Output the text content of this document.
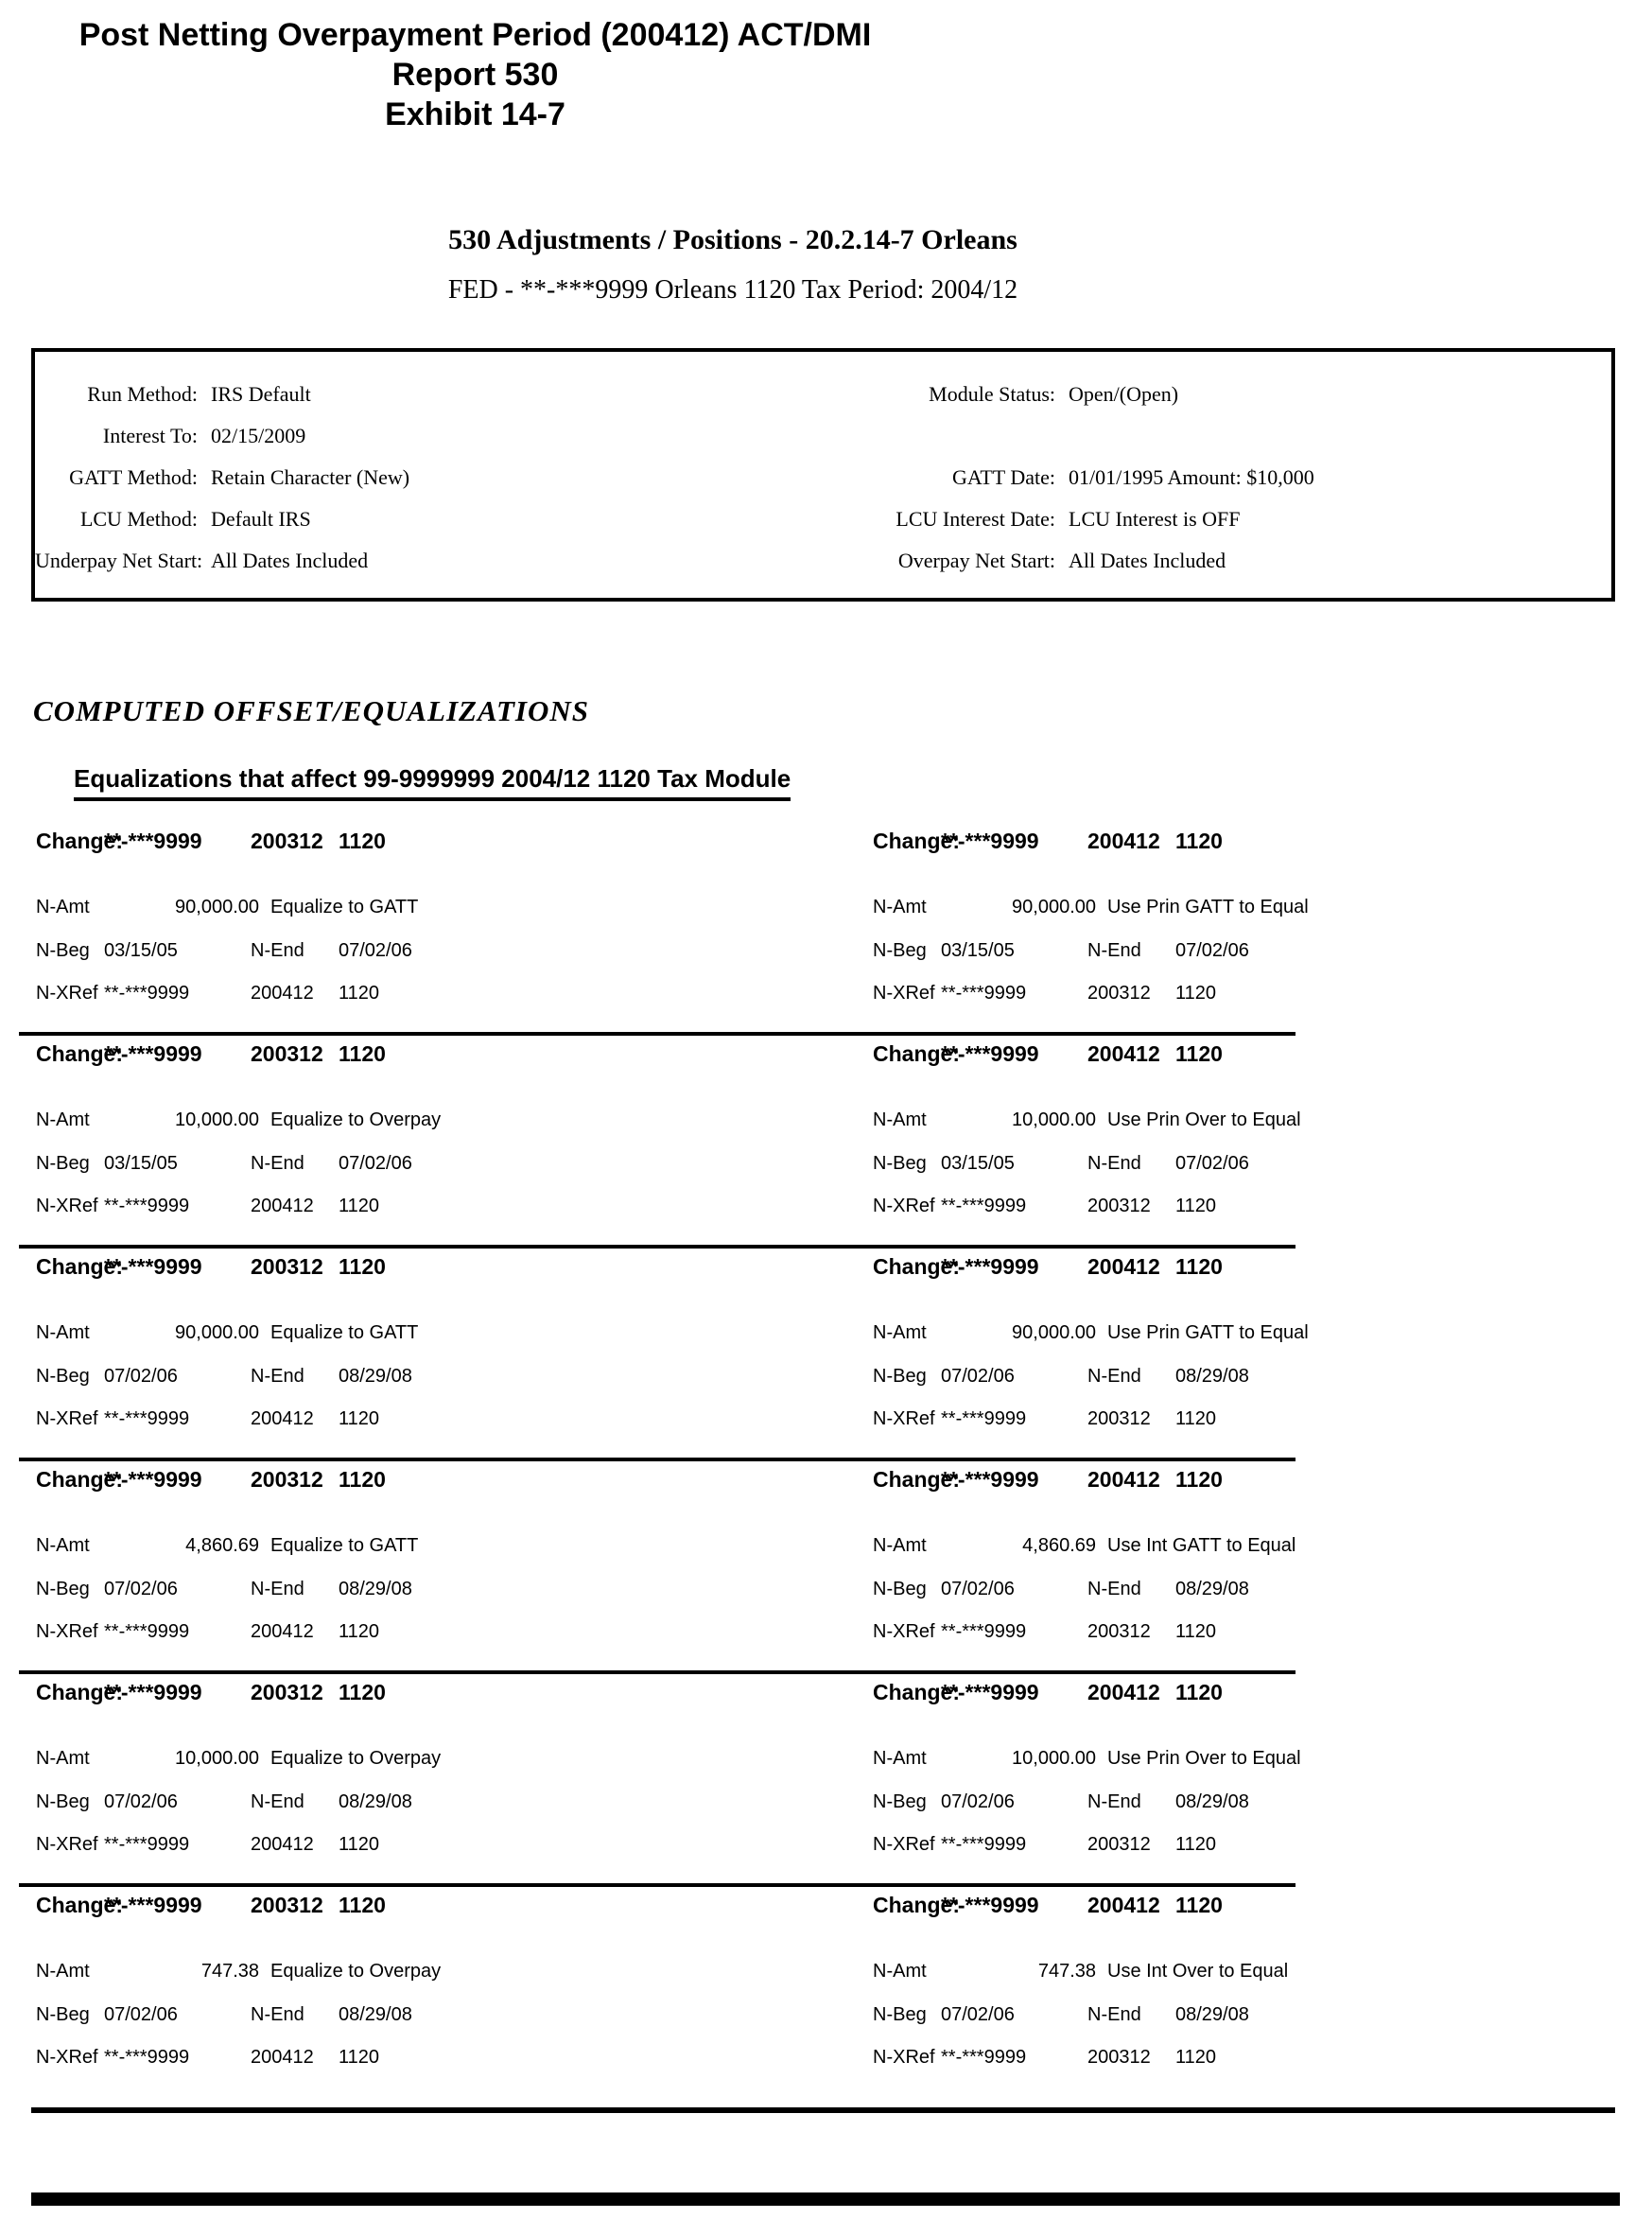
Post Netting Overpayment Period (200412) ACT/DMI Report 530
Exhibit 14-7
530 Adjustments / Positions - 20.2.14-7 Orleans
FED - **-***9999 Orleans 1120 Tax Period: 2004/12
Run Method: IRS Default	Module Status: Open/(Open)
Interest To: 02/15/2009
GATT Method: Retain Character (New)	GATT Date: 01/01/1995 Amount: $10,000
LCU Method: Default IRS	LCU Interest Date: LCU Interest is OFF
Underpay Net Start: All Dates Included	Overpay Net Start: All Dates Included
COMPUTED OFFSET/EQUALIZATIONS
Equalizations that affect 99-9999999 2004/12 1120 Tax Module
Change:
**-***9999 200312 1120
N-Amt	90,000.00 Equalize to GATT
N-Beg 03/15/05	N-End 07/02/06
N-XRef **-***9999	200412 1120
Change:
**-***9999 200412 1120
N-Amt	90,000.00 Use Prin GATT to Equal
N-Beg 03/15/05	N-End 07/02/06
N-XRef **-***9999	200312 1120
Change:
**-***9999 200312 1120
N-Amt	10,000.00 Equalize to Overpay
N-Beg 03/15/05	N-End 07/02/06
N-XRef **-***9999	200412 1120
Change:
**-***9999 200412 1120
N-Amt	10,000.00 Use Prin Over to Equal
N-Beg 03/15/05	N-End 07/02/06
N-XRef **-***9999	200312 1120
Change:
**-***9999 200312 1120
N-Amt	90,000.00 Equalize to GATT
N-Beg 07/02/06	N-End 08/29/08
N-XRef **-***9999	200412 1120
Change:
**-***9999 200412 1120
N-Amt	90,000.00 Use Prin GATT to Equal
N-Beg 07/02/06	N-End 08/29/08
N-XRef **-***9999	200312 1120
Change:
**-***9999 200312 1120
N-Amt	4,860.69 Equalize to GATT
N-Beg 07/02/06	N-End 08/29/08
N-XRef **-***9999	200412 1120
Change:
**-***9999 200412 1120
N-Amt	4,860.69 Use Int GATT to Equal
N-Beg 07/02/06	N-End 08/29/08
N-XRef **-***9999	200312 1120
Change:
**-***9999 200312 1120
N-Amt	10,000.00 Equalize to Overpay
N-Beg 07/02/06	N-End 08/29/08
N-XRef **-***9999	200412 1120
Change:
**-***9999 200412 1120
N-Amt	10,000.00 Use Prin Over to Equal
N-Beg 07/02/06	N-End 08/29/08
N-XRef **-***9999	200312 1120
Change:
**-***9999 200312 1120
N-Amt	747.38 Equalize to Overpay
N-Beg 07/02/06	N-End 08/29/08
N-XRef **-***9999	200412 1120
Change:
**-***9999 200412 1120
N-Amt	747.38 Use Int Over to Equal
N-Beg 07/02/06	N-End 08/29/08
N-XRef **-***9999	200312 1120
